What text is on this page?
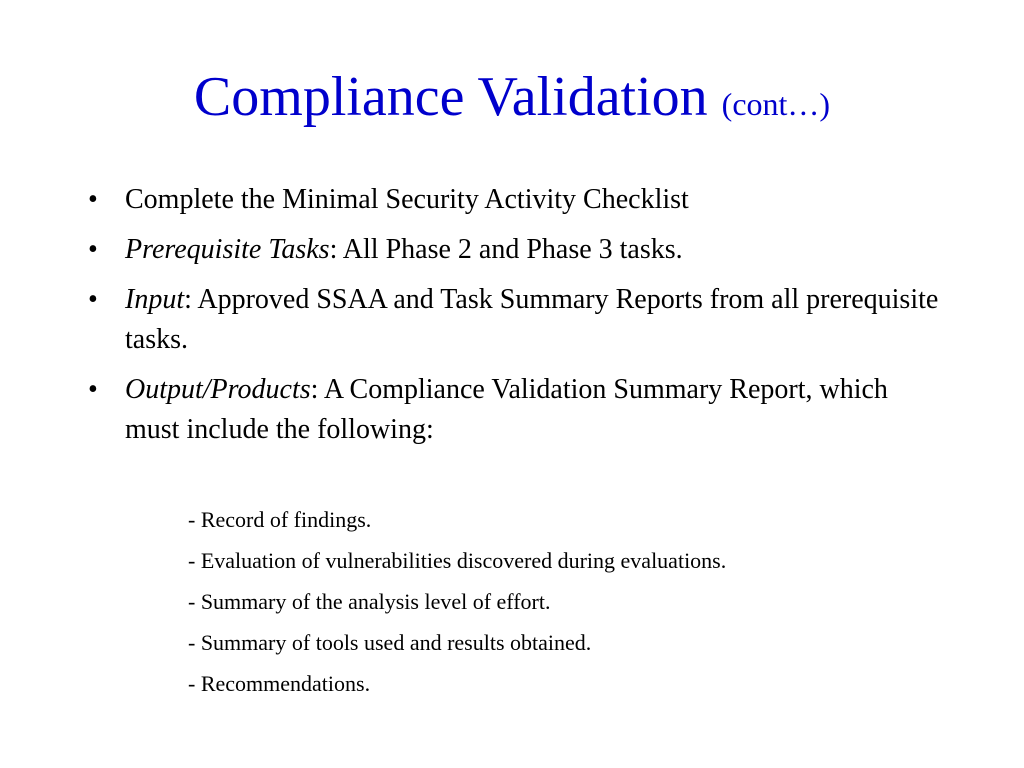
Compliance Validation (cont…)
• Complete the Minimal Security Activity Checklist
• Prerequisite Tasks: All Phase 2 and Phase 3 tasks.
• Input: Approved SSAA and Task Summary Reports from all prerequisite tasks.
• Output/Products: A Compliance Validation Summary Report, which must include the following:
- Record of findings.
- Evaluation of vulnerabilities discovered during evaluations.
- Summary of the analysis level of effort.
- Summary of tools used and results obtained.
- Recommendations.
